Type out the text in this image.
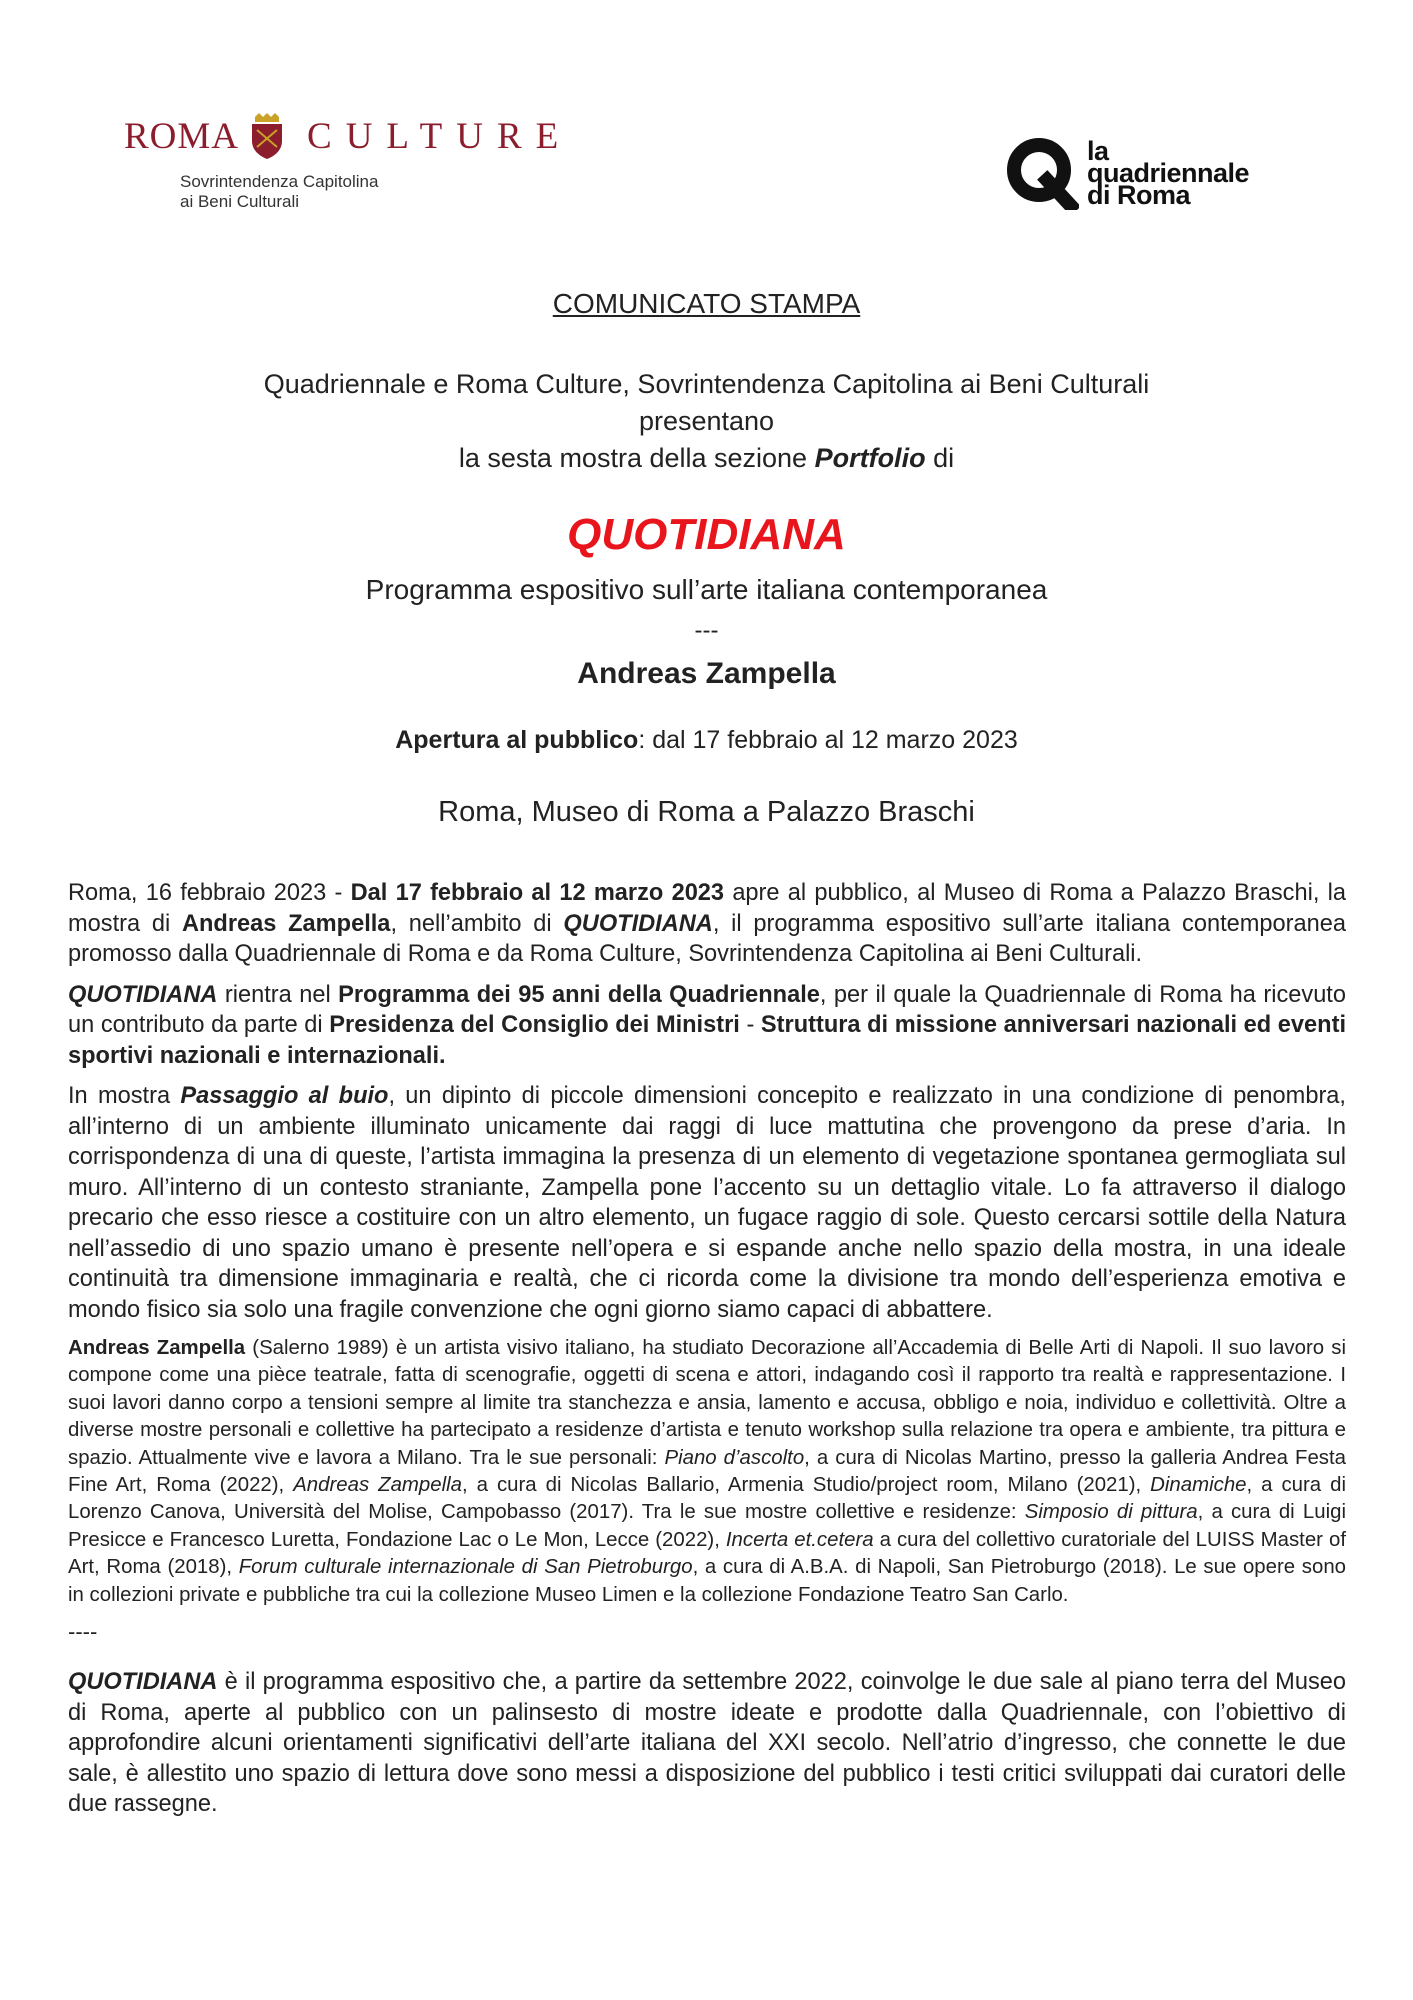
ROMA CULTURE
Sovrintendenza Capitolina
ai Beni Culturali
la
quadriennale
di Roma
COMUNICATO STAMPA
Quadriennale e Roma Culture, Sovrintendenza Capitolina ai Beni Culturali
presentano
la sesta mostra della sezione Portfolio di
QUOTIDIANA
Programma espositivo sull’arte italiana contemporanea
---
Andreas Zampella
Apertura al pubblico: dal 17 febbraio al 12 marzo 2023
Roma, Museo di Roma a Palazzo Braschi

Roma, 16 febbraio 2023 - Dal 17 febbraio al 12 marzo 2023 apre al pubblico, al Museo di Roma a Palazzo Braschi, la mostra di Andreas Zampella, nell’ambito di QUOTIDIANA, il programma espositivo sull’arte italiana contemporanea promosso dalla Quadriennale di Roma e da Roma Culture, Sovrintendenza Capitolina ai Beni Culturali.

QUOTIDIANA rientra nel Programma dei 95 anni della Quadriennale, per il quale la Quadriennale di Roma ha ricevuto un contributo da parte di Presidenza del Consiglio dei Ministri - Struttura di missione anniversari nazionali ed eventi sportivi nazionali e internazionali.

In mostra Passaggio al buio, un dipinto di piccole dimensioni concepito e realizzato in una condizione di penombra, all’interno di un ambiente illuminato unicamente dai raggi di luce mattutina che provengono da prese d’aria. In corrispondenza di una di queste, l’artista immagina la presenza di un elemento di vegetazione spontanea germogliata sul muro. All’interno di un contesto straniante, Zampella pone l’accento su un dettaglio vitale. Lo fa attraverso il dialogo precario che esso riesce a costituire con un altro elemento, un fugace raggio di sole. Questo cercarsi sottile della Natura nell’assedio di uno spazio umano è presente nell’opera e si espande anche nello spazio della mostra, in una ideale continuità tra dimensione immaginaria e realtà, che ci ricorda come la divisione tra mondo dell’esperienza emotiva e mondo fisico sia solo una fragile convenzione che ogni giorno siamo capaci di abbattere.

Andreas Zampella (Salerno 1989) è un artista visivo italiano, ha studiato Decorazione all’Accademia di Belle Arti di Napoli. Il suo lavoro si compone come una pièce teatrale, fatta di scenografie, oggetti di scena e attori, indagando così il rapporto tra realtà e rappresentazione. I suoi lavori danno corpo a tensioni sempre al limite tra stanchezza e ansia, lamento e accusa, obbligo e noia, individuo e collettività. Oltre a diverse mostre personali e collettive ha partecipato a residenze d’artista e tenuto workshop sulla relazione tra opera e ambiente, tra pittura e spazio. Attualmente vive e lavora a Milano. Tra le sue personali: Piano d’ascolto, a cura di Nicolas Martino, presso la galleria Andrea Festa Fine Art, Roma (2022), Andreas Zampella, a cura di Nicolas Ballario, Armenia Studio/project room, Milano (2021), Dinamiche, a cura di Lorenzo Canova, Università del Molise, Campobasso (2017). Tra le sue mostre collettive e residenze: Simposio di pittura, a cura di Luigi Presicce e Francesco Luretta, Fondazione Lac o Le Mon, Lecce (2022), Incerta et.cetera a cura del collettivo curatoriale del LUISS Master of Art, Roma (2018), Forum culturale internazionale di San Pietroburgo, a cura di A.B.A. di Napoli, San Pietroburgo (2018). Le sue opere sono in collezioni private e pubbliche tra cui la collezione Museo Limen e la collezione Fondazione Teatro San Carlo.

----

QUOTIDIANA è il programma espositivo che, a partire da settembre 2022, coinvolge le due sale al piano terra del Museo di Roma, aperte al pubblico con un palinsesto di mostre ideate e prodotte dalla Quadriennale, con l’obiettivo di approfondire alcuni orientamenti significativi dell’arte italiana del XXI secolo. Nell’atrio d’ingresso, che connette le due sale, è allestito uno spazio di lettura dove sono messi a disposizione del pubblico i testi critici sviluppati dai curatori delle due rassegne.
